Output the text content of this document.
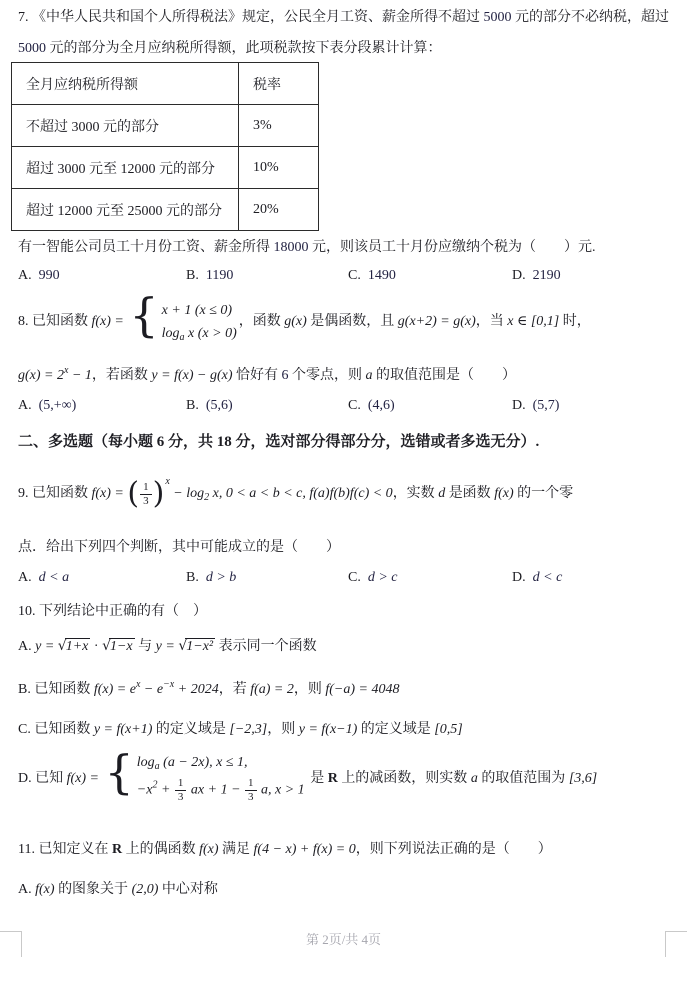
7. 《中华人民共和国个人所得税法》规定，公民全月工资、薪金所得不超过 5000 元的部分不必纳税，超过
5000 元的部分为全月应纳税所得额，此项税款按下表分段累计计算：
全月应纳税所得额	税率
不超过 3000 元的部分	3%
超过 3000 元至 12000 元的部分	10%
超过 12000 元至 25000 元的部分	20%
有一智能公司员工十月份工资、薪金所得 18000 元，则该员工十月份应缴纳个税为（　　）元.
A. 990	B. 1190	C. 1490	D. 2190
8. 已知函数 f(x) =
{
x + 1 (x ≤ 0)
$\log_a x$ (x > 0)
，函数 g(x) 是偶函数，且 g(x+2) = g(x)，当 x ∈ [0,1] 时，
$g(x) = 2^x - 1$，若函数 y = f(x) − g(x) 恰好有 6 个零点，则 a 的取值范围是（　　）
A. (5,+∞)	B. (5,6)	C. (4,6)	D. (5,7)
二、多选题（每小题 6 分，共 18 分，选对部分得部分分，选错或者多选无分）.
9. 已知函数 f(x) = ( $\frac{1}{3}$ ) x
− $\log_2 x$, 0 < a < b < c, f(a)f(b)f(c) < 0，实数 d 是函数 f(x) 的一个零
点．给出下列四个判断，其中可能成立的是（　　）
A. d < a	B. d > b	C. d > c	D. d < c
10. 下列结论中正确的有（　）
A. y = √1+x · √1−x 与 y = √1−x² 表示同一个函数
B. 已知函数 $f(x) = e^x - e^{-x} + 2024$，若 f(a) = 2，则 f(−a) = 4048
C. 已知函数 y = f(x+1) 的定义域是 [−2,3]，则 y = f(x−1) 的定义域是 [0,5]
D. 已知 f(x) =
{
$\log_a (a - 2x)$, x ≤ 1,
$-x^2 + \frac{1}{3}$ ax + $1 - \frac{1}{3} a$, x > 1
是 R 上的减函数，则实数 a 的取值范围为 [3,6]
11. 已知定义在 R 上的偶函数 f(x) 满足 f(4 − x) + f(x) = 0，则下列说法正确的是（　　）
A. f(x) 的图象关于 (2,0) 中心对称
第 2页/共 4页
